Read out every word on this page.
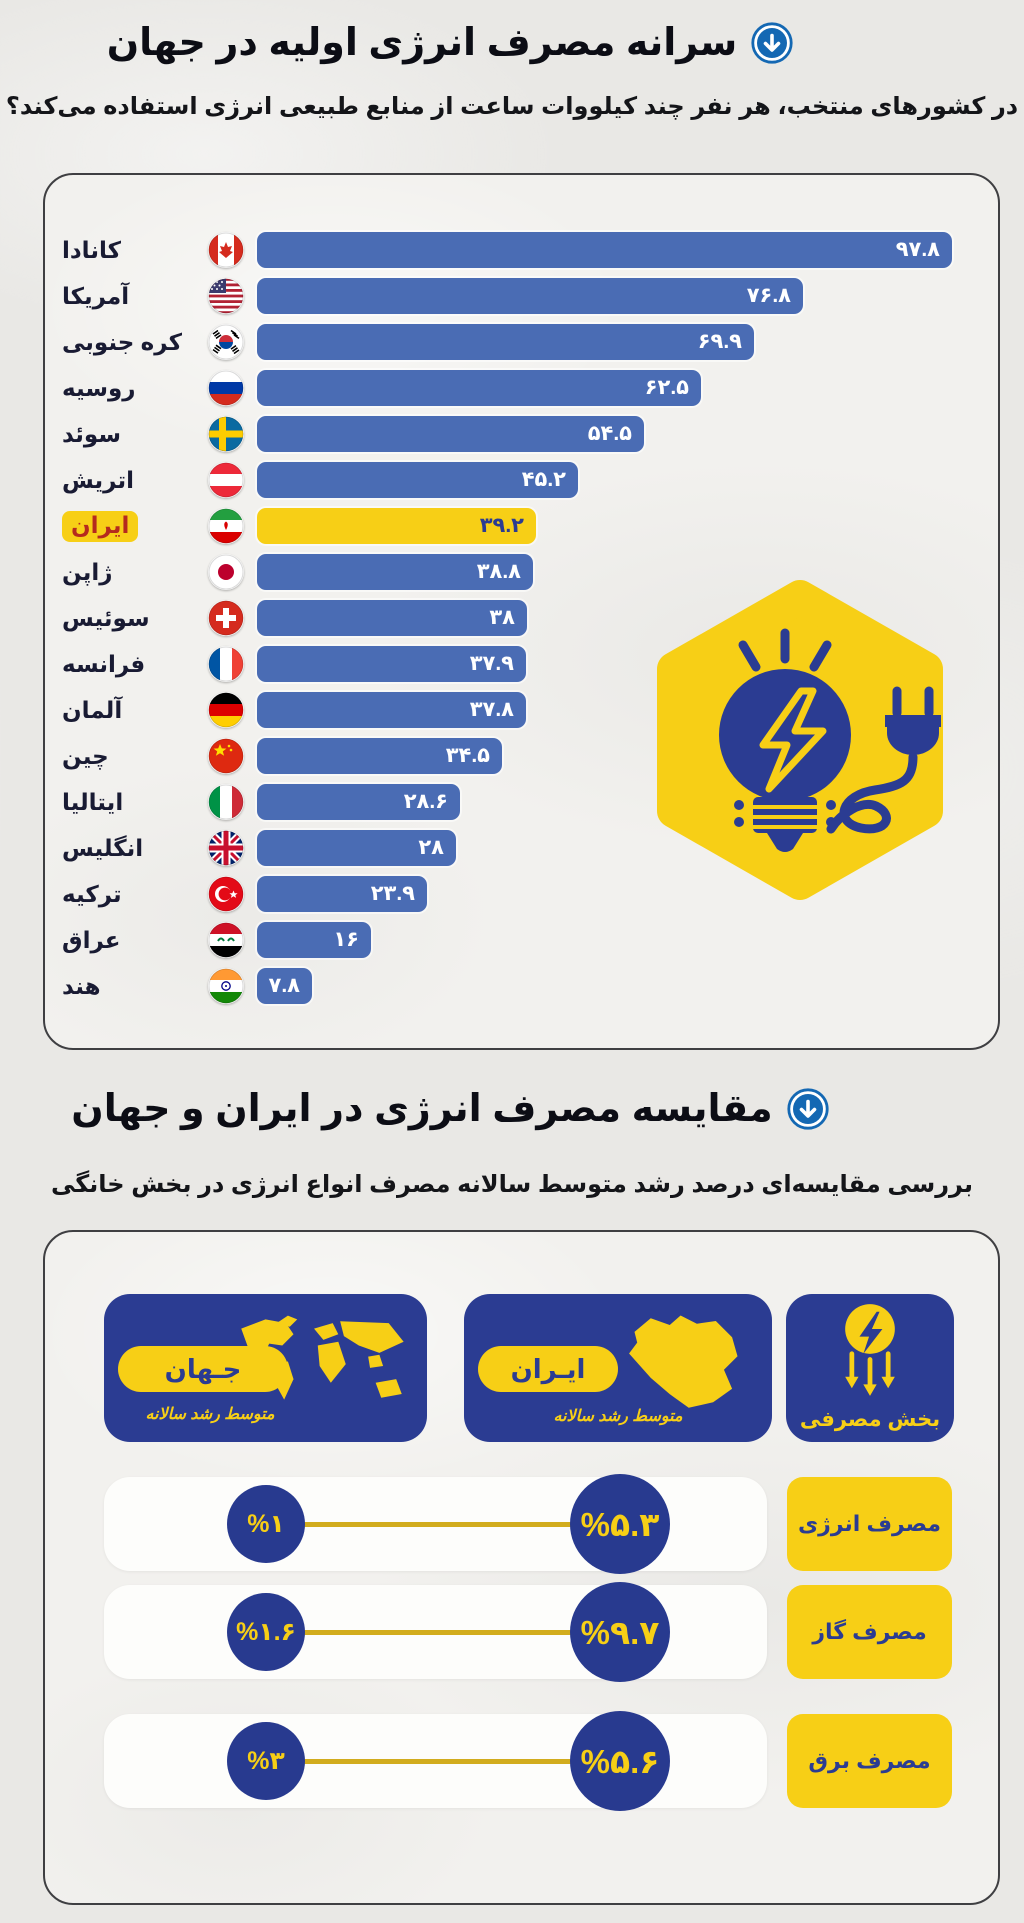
سرانه مصرف انرژی اولیه در جهان

در کشورهای منتخب، هر نفر چند کیلووات ساعت از منابع طبیعی انرژی استفاده می‌کند؟

کانادا	۹۷.۸
آمریکا	۷۶.۸
کره جنوبی	۶۹.۹
روسیه	۶۲.۵
سوئد	۵۴.۵
اتریش	۴۵.۲
ایران	۳۹.۲
ژاپن	۳۸.۸
سوئیس	۳۸
فرانسه	۳۷.۹
آلمان	۳۷.۸
چین	۳۴.۵
ایتالیا	۲۸.۶
انگلیس	۲۸
ترکیه	۲۳.۹
عراق	۱۶
هند	۷.۸
مقایسه مصرف انرژی در ایران و جهان

بررسی مقایسه‌ای درصد رشد متوسط سالانه مصرف انواع انرژی در بخش خانگی

جـهان
متوسط رشد سالانه
ایـران
متوسط رشد سالانه	بخش مصرفی
%۱	%۵.۳	مصرف انرژی
%۱.۶	%۹.۷	مصرف گاز
%۳	%۵.۶	مصرف برق
